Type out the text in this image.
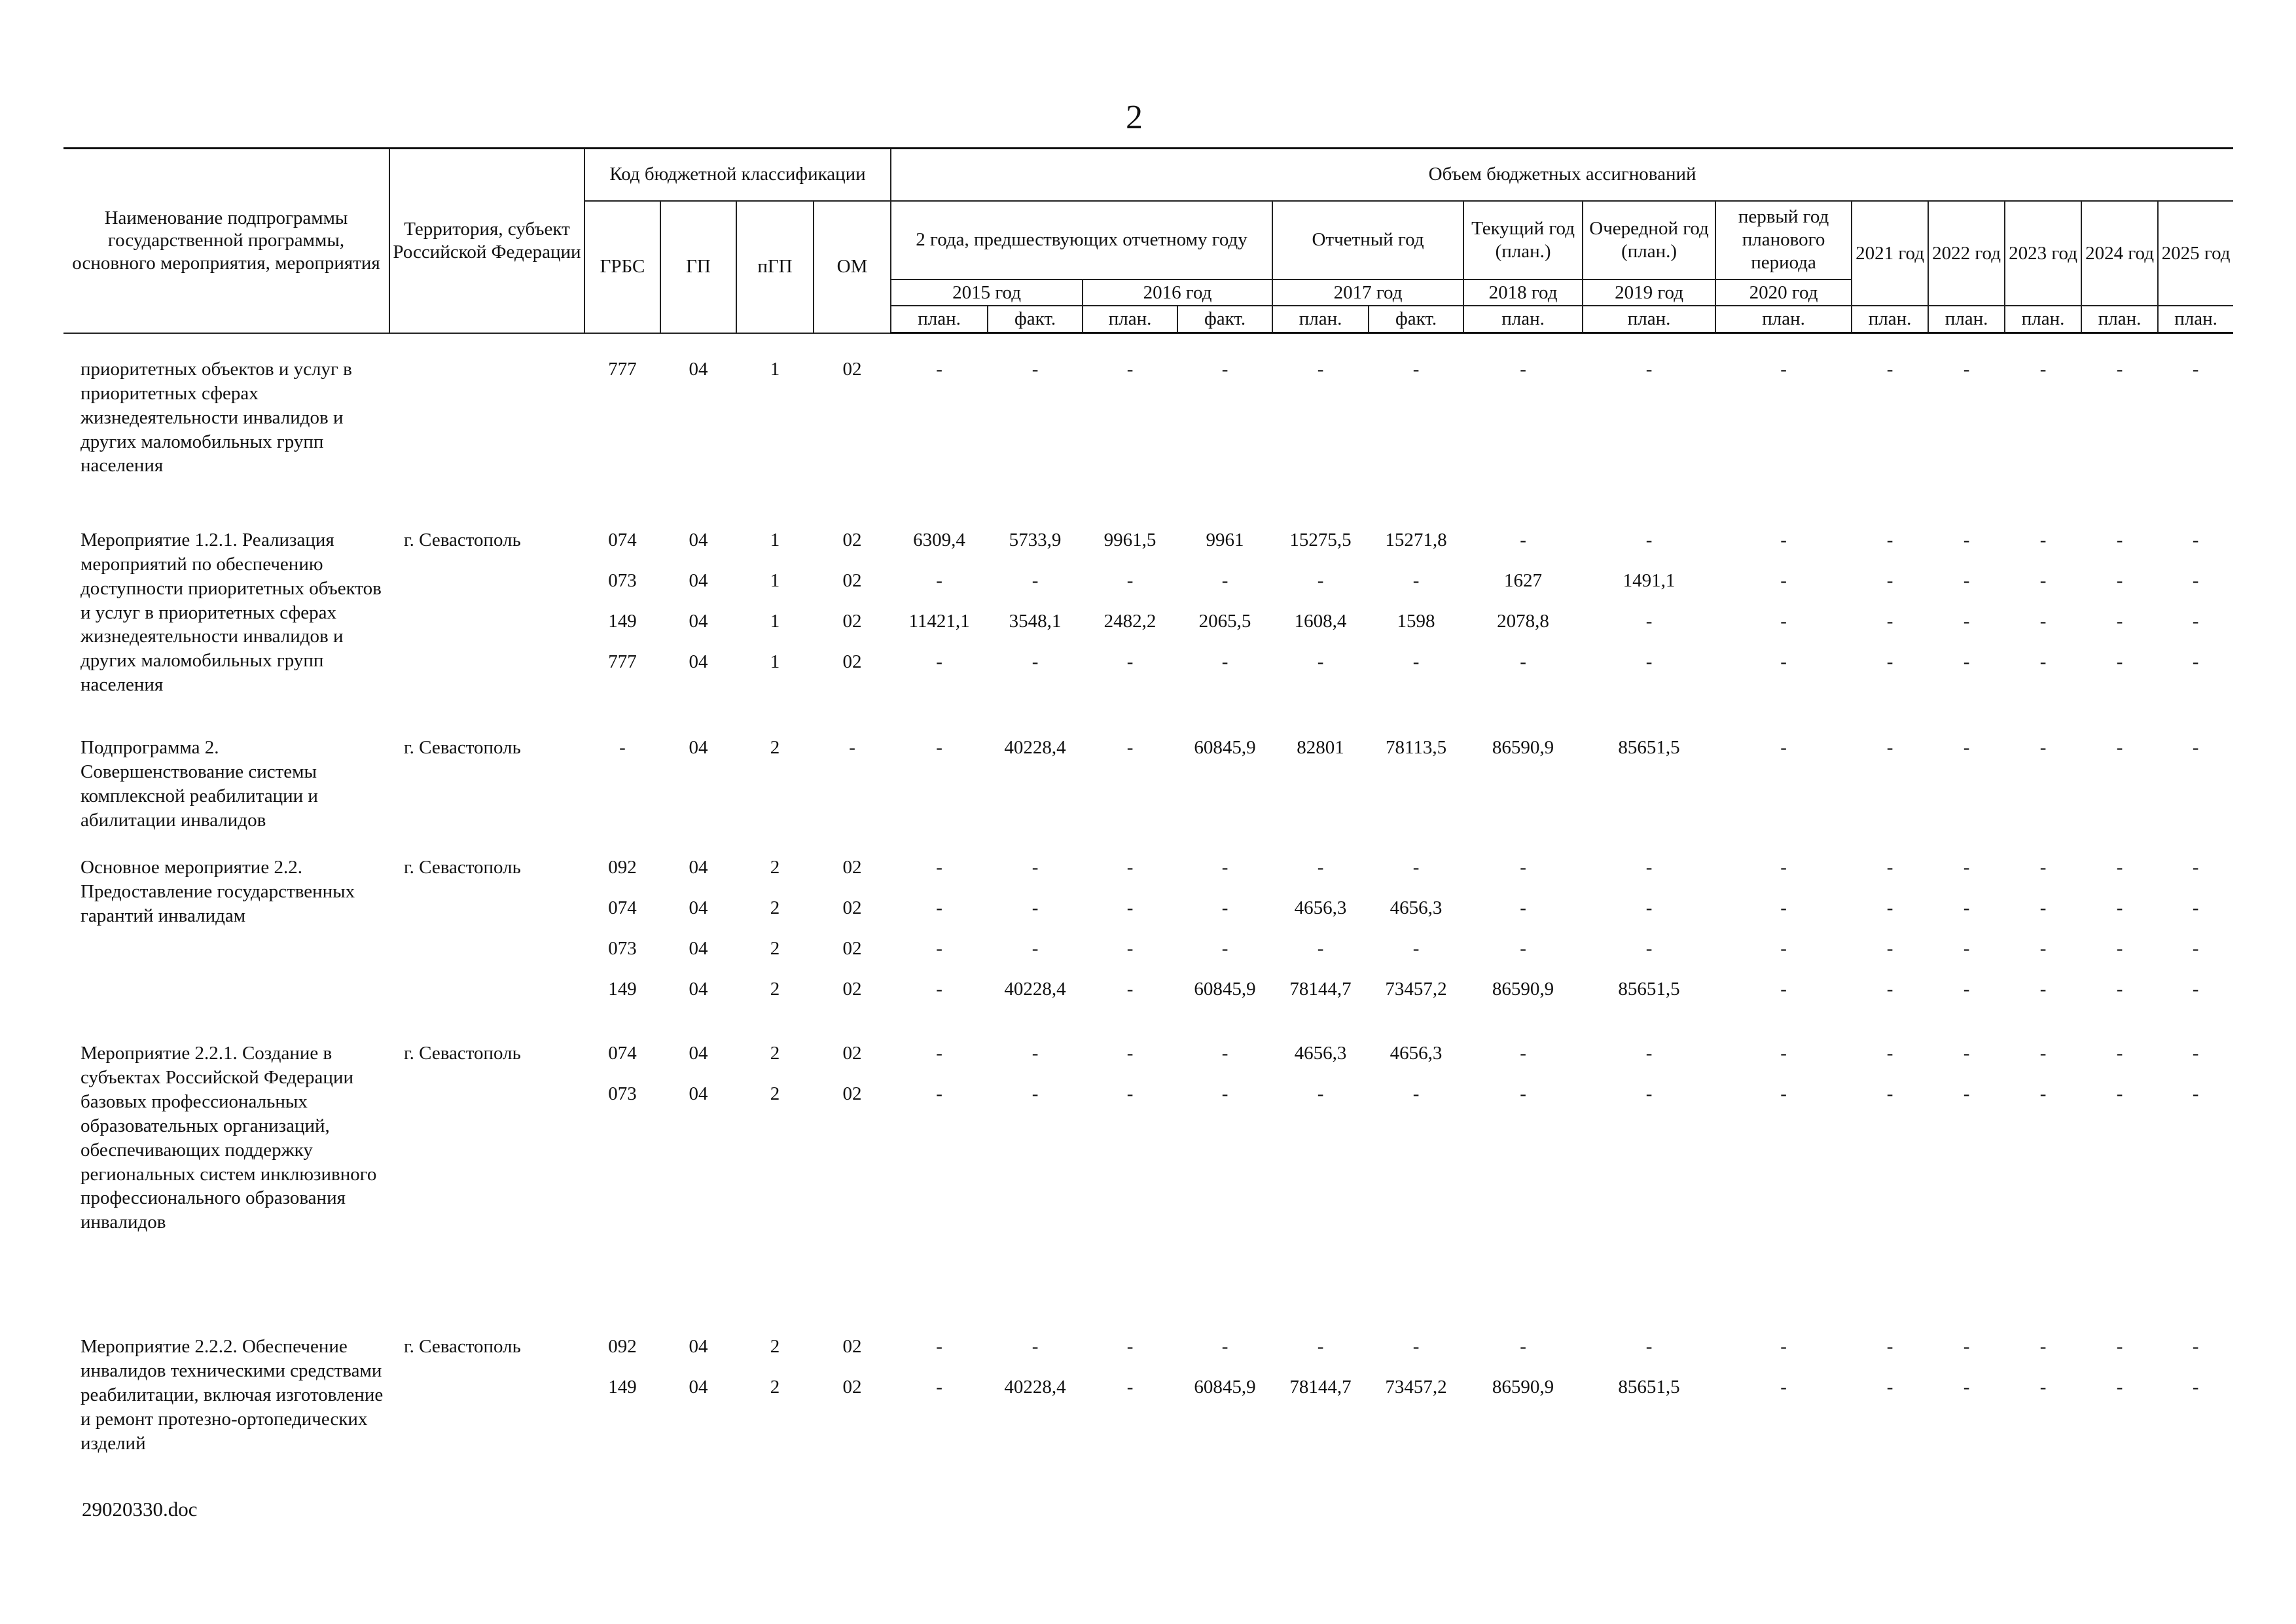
2
Наименование подпрограммы государственной программы, основного мероприятия, мероприятия	Территория, субъект Российской Федерации	Код бюджетной классификации				Объем бюджетных ассигнований													
		ГРБС	ГП	пГП	ОМ	2 года, предшествующих отчетному году				Отчетный год		Текущий год (план.)	Очередной год (план.)	первый год планового периода	2021 год	2022 год	2023 год	2024 год	2025 год
						2015 год		2016 год		2017 год		2018 год	2019 год	2020 год					
						план.	факт.	план.	факт.	план.	факт.	план.	план.	план.	план.	план.	план.	план.	план.

приоритетных объектов и услуг в приоритетных сферах жизнедеятельности инвалидов и других маломобильных групп населения		777	04	1	02	-	-	-	-	-	-	-	-	-	-	-	-	-	-

Мероприятие 1.2.1. Реализация мероприятий по обеспечению доступности приоритетных объектов и услуг в приоритетных сферах жизнедеятельности инвалидов и других маломобильных групп населения	г. Севастополь	074	04	1	02	6309,4	5733,9	9961,5	9961	15275,5	15271,8	-	-	-	-	-	-	-	-
		073	04	1	02	-	-	-	-	-	-	1627	1491,1	-	-	-	-	-	-
		149	04	1	02	11421,1	3548,1	2482,2	2065,5	1608,4	1598	2078,8	-	-	-	-	-	-	-
		777	04	1	02	-	-	-	-	-	-	-	-	-	-	-	-	-	-

Подпрограмма 2. Совершенствование системы комплексной реабилитации и абилитации инвалидов	г. Севастополь	-	04	2	-	-	40228,4	-	60845,9	82801	78113,5	86590,9	85651,5	-	-	-	-	-	-

Основное мероприятие 2.2. Предоставление государственных гарантий инвалидам	г. Севастополь	092	04	2	02	-	-	-	-	-	-	-	-	-	-	-	-	-	-
		074	04	2	02	-	-	-	-	4656,3	4656,3	-	-	-	-	-	-	-	-
		073	04	2	02	-	-	-	-	-	-	-	-	-	-	-	-	-	-
		149	04	2	02	-	40228,4	-	60845,9	78144,7	73457,2	86590,9	85651,5	-	-	-	-	-	-

Мероприятие 2.2.1. Создание в субъектах Российской Федерации базовых профессиональных образовательных организаций, обеспечивающих поддержку региональных систем инклюзивного профессионального образования инвалидов	г. Севастополь	074	04	2	02	-	-	-	-	4656,3	4656,3	-	-	-	-	-	-	-	-
		073	04	2	02	-	-	-	-	-	-	-	-	-	-	-	-	-	-

Мероприятие 2.2.2. Обеспечение инвалидов техническими средствами реабилитации, включая изготовление и ремонт протезно-ортопедических изделий	г. Севастополь	092	04	2	02	-	-	-	-	-	-	-	-	-	-	-	-	-	-
		149	04	2	02	-	40228,4	-	60845,9	78144,7	73457,2	86590,9	85651,5	-	-	-	-	-	-

29020330.doc
